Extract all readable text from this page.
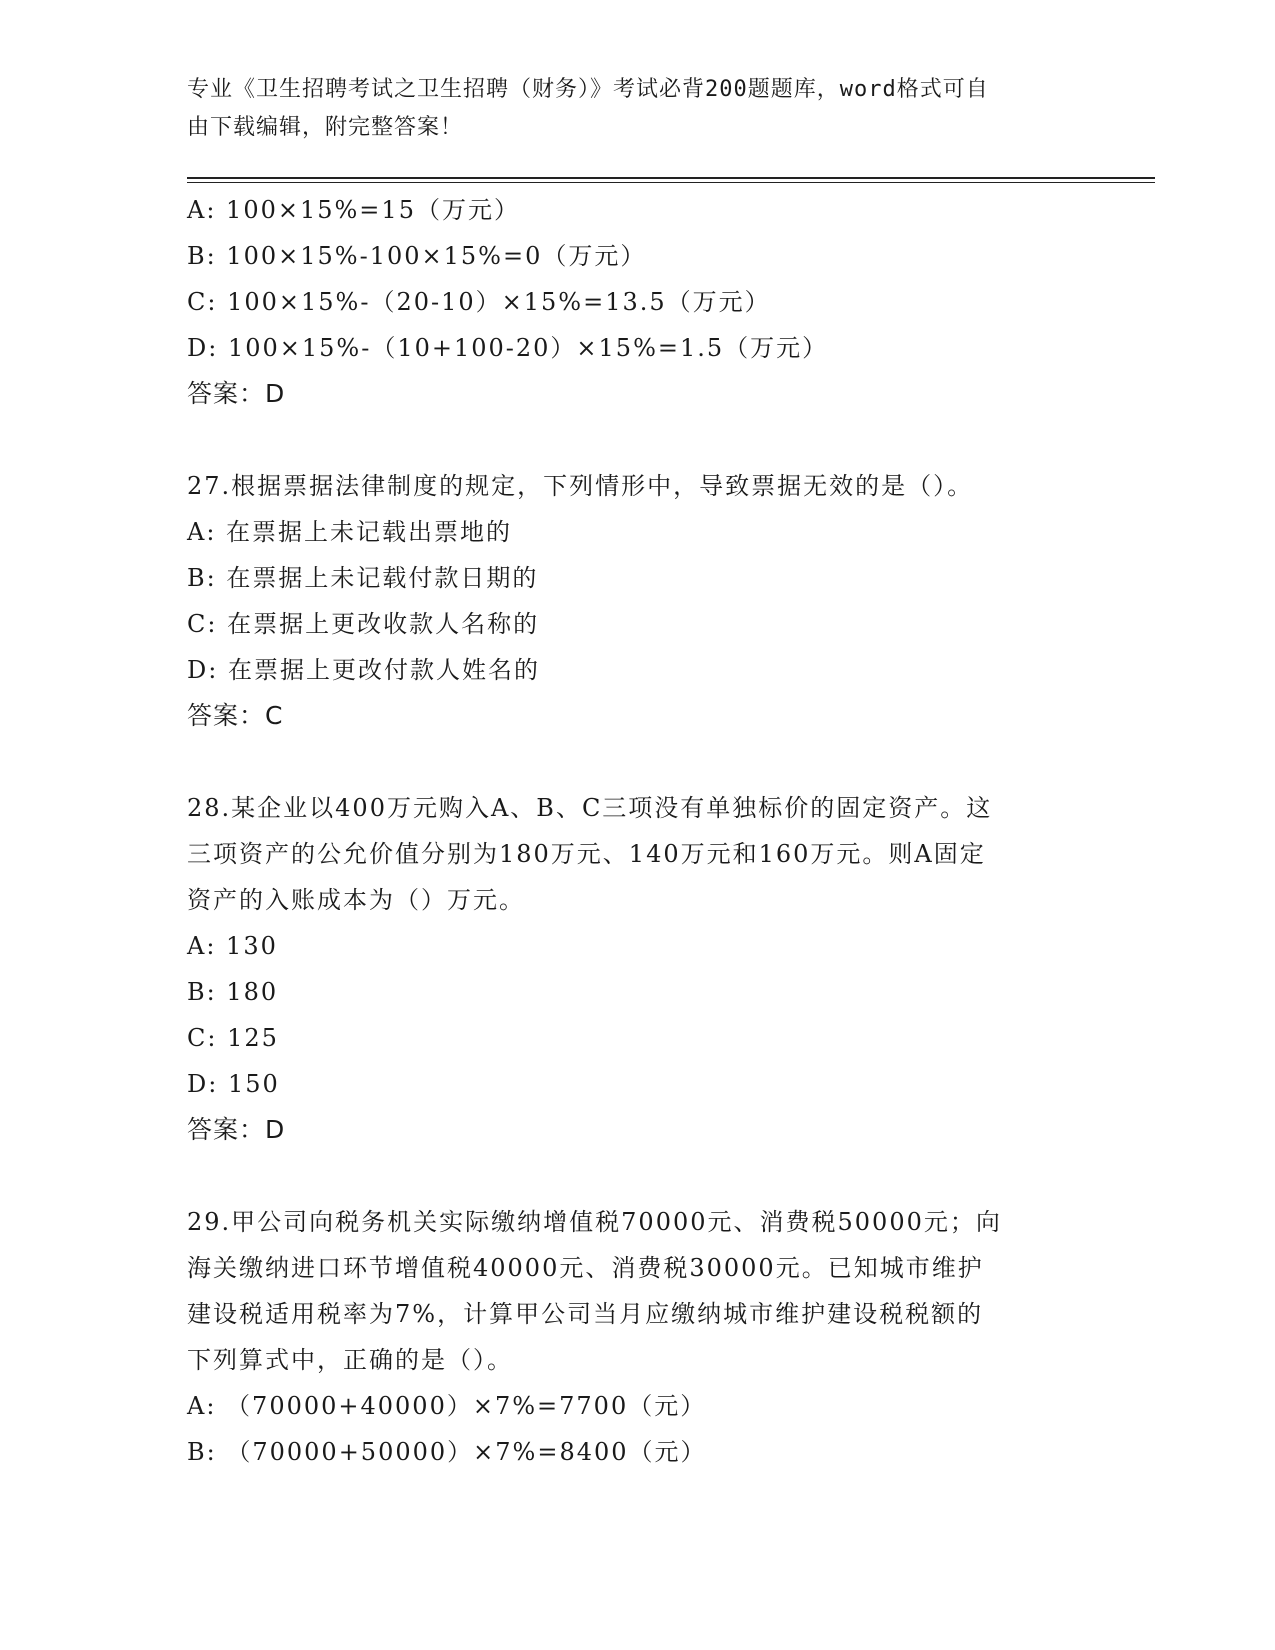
专业《卫生招聘考试之卫生招聘（财务）》考试必背200题题库，word格式可自
由下载编辑，附完整答案！
A: 100×15%=15（万元）
B: 100×15%-100×15%=0（万元）
C: 100×15%-（20-10）×15%=13.5（万元）
D: 100×15%-（10+100-20）×15%=1.5（万元）
答案：D
27.根据票据法律制度的规定，下列情形中，导致票据无效的是（）。
A: 在票据上未记载出票地的
B: 在票据上未记载付款日期的
C: 在票据上更改收款人名称的
D: 在票据上更改付款人姓名的
答案：C
28.某企业以400万元购入A、B、C三项没有单独标价的固定资产。这
三项资产的公允价值分别为180万元、140万元和160万元。则A固定
资产的入账成本为（）万元。
A: 130
B: 180
C: 125
D: 150
答案：D
29.甲公司向税务机关实际缴纳增值税70000元、消费税50000元；向
海关缴纳进口环节增值税40000元、消费税30000元。已知城市维护
建设税适用税率为7%，计算甲公司当月应缴纳城市维护建设税税额的
下列算式中，正确的是（）。
A: （70000+40000）×7%=7700（元）
B: （70000+50000）×7%=8400（元）
